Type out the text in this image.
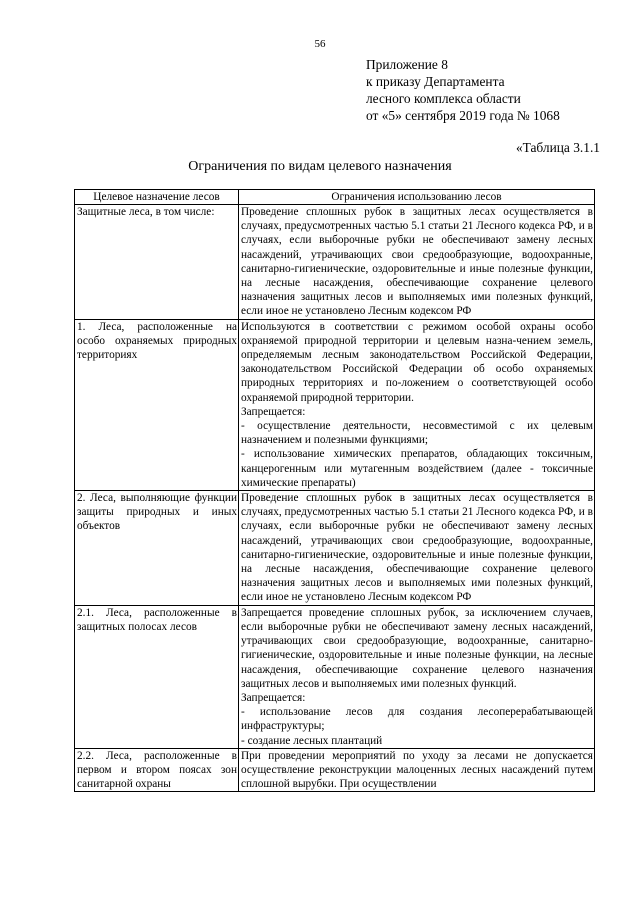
56
Приложение 8
к приказу Департамента
лесного комплекса области
от «5» сентября 2019 года № 1068
«Таблица 3.1.1
Ограничения по видам целевого назначения
Целевое назначение лесов	Ограничения использованию лесов
Защитные леса, в том числе:	Проведение сплошных рубок в защитных лесах осуществляется в случаях, предусмотренных частью 5.1 статьи 21 Лесного кодекса РФ, и в случаях, если выборочные рубки не обеспечивают замену лесных насаждений, утрачивающих свои средообразующие, водоохранные, санитарно-гигиенические, оздоровительные и иные полезные функции, на лесные насаждения, обеспечивающие сохранение целевого назначения защитных лесов и выполняемых ими полезных функций, если иное не установлено Лесным кодексом РФ
1. Леса, расположенные на особо охраняемых природных территориях	Используются в соответствии с режимом особой охраны особо охраняемой природной территории и целевым назна-чением земель, определяемым лесным законодательством Российской Федерации, законодательством Российской Федерации об особо охраняемых природных территориях и по-ложением о соответствующей особо охраняемой природной территории.
Запрещается:
- осуществление деятельности, несовместимой с их целевым назначением и полезными функциями;
- использование химических препаратов, обладающих токсичным, канцерогенным или мутагенным воздействием (далее - токсичные химические препараты)

2. Леса, выполняющие функции защиты природных и иных объектов	Проведение сплошных рубок в защитных лесах осуществляется в случаях, предусмотренных частью 5.1 статьи 21 Лесного кодекса РФ, и в случаях, если выборочные рубки не обеспечивают замену лесных насаждений, утрачивающих свои средообразующие, водоохранные, санитарно-гигиенические, оздоровительные и иные полезные функции, на лесные насаждения, обеспечивающие сохранение целевого назначения защитных лесов и выполняемых ими полезных функций, если иное не установлено Лесным кодексом РФ
2.1. Леса, расположенные в защитных полосах лесов	Запрещается проведение сплошных рубок, за исключением случаев, если выборочные рубки не обеспечивают замену лесных насаждений, утрачивающих свои средообразующие, водоохранные, санитарно-гигиенические, оздоровительные и иные полезные функции, на лесные насаждения, обеспечивающие сохранение целевого назначения защитных лесов и выполняемых ими полезных функций.
Запрещается:
- использование лесов для создания лесоперерабатывающей инфраструктуры;
- создание лесных плантаций

2.2. Леса, расположенные в первом и втором поясах зон санитарной охраны	При проведении мероприятий по уходу за лесами не допускается осуществление реконструкции малоценных лесных насаждений путем сплошной вырубки. При осуществлении
